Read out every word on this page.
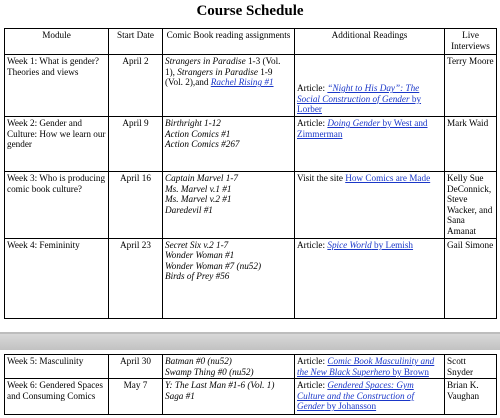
Course Schedule
Module	Start Date	Comic Book reading assignments	Additional Readings	Live Interviews
Week 1: What is gender? Theories and views	April 2	Strangers in Paradise 1-3 (Vol. 1), Strangers in Paradise 1-9 (Vol. 2),and Rachel Rising #1	Article: “Night to His Day”: The Social Construction of Gender by Lorber	Terry Moore
Week 2: Gender and Culture: How we learn our gender	April 9	Birthright 1-12
Action Comics #1
Action Comics #267	Article: Doing Gender by West and Zimmerman	Mark Waid
Week 3: Who is producing comic book culture?	April 16	Captain Marvel 1-7
Ms. Marvel v.1 #1
Ms. Marvel v.2 #1
Daredevil #1	Visit the site How Comics are Made	Kelly Sue DeConnick, Steve Wacker, and Sana Amanat
Week 4: Femininity	April 23	Secret Six v.2 1-7
Wonder Woman #1
Wonder Woman #7 (nu52)
Birds of Prey #56	Article: Spice World by Lemish	Gail Simone
Week 5: Masculinity	April 30	Batman #0 (nu52)
Swamp Thing #0 (nu52)	Article: Comic Book Masculinity and the New Black Superhero by Brown	Scott Snyder
Week 6: Gendered Spaces and Consuming Comics	May 7	Y: The Last Man #1-6 (Vol. 1)
Saga #1	Article: Gendered Spaces: Gym Culture and the Construction of Gender by Johansson	Brian K. Vaughan
